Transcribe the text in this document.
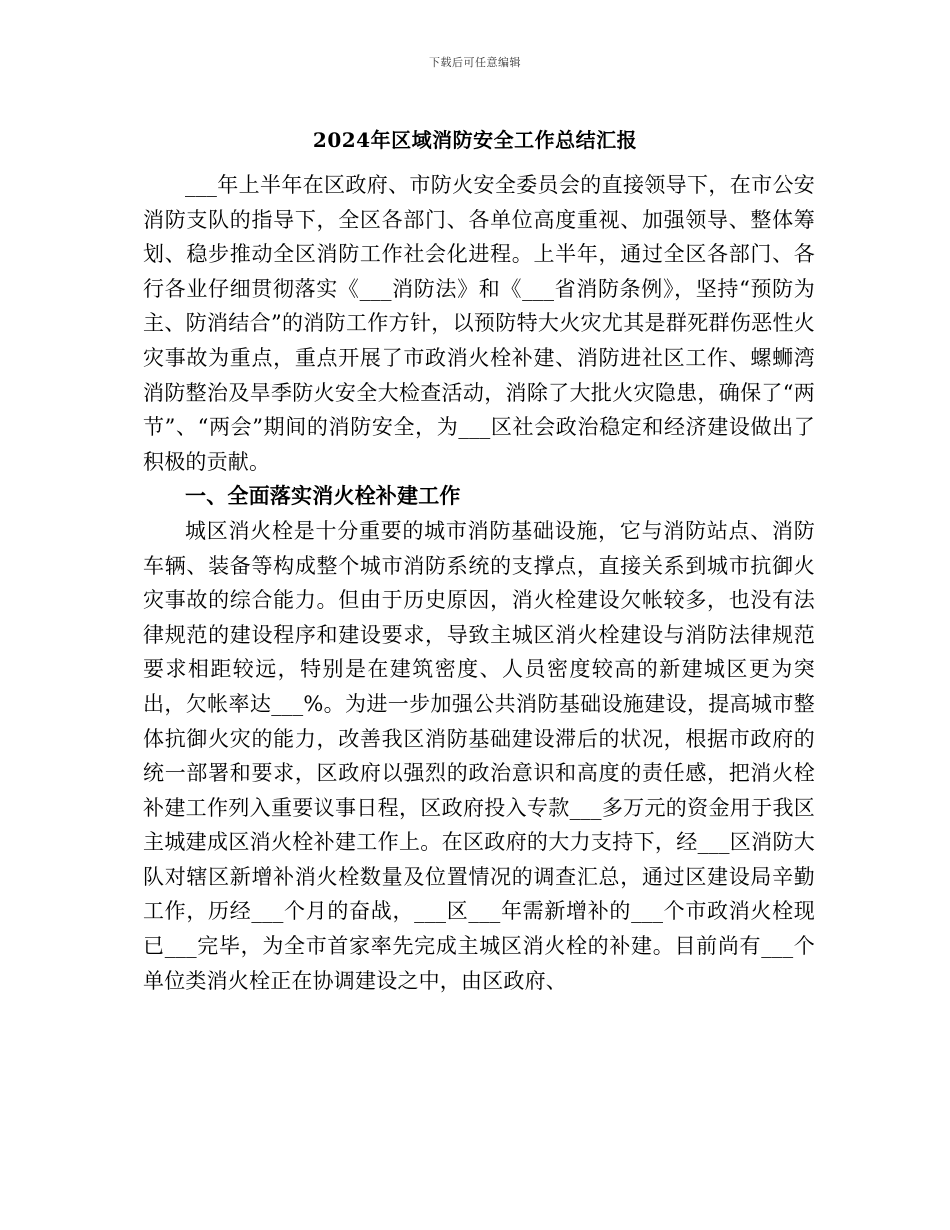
下载后可任意编辑
2024年区域消防安全工作总结汇报

___年上半年在区政府、市防火安全委员会的直接领导下，在市公安消防支队的指导下，全区各部门、各单位高度重视、加强领导、整体筹划、稳步推动全区消防工作社会化进程。上半年，通过全区各部门、各行各业仔细贯彻落实《___消防法》和《___省消防条例》，坚持“预防为主、防消结合”的消防工作方针，以预防特大火灾尤其是群死群伤恶性火灾事故为重点，重点开展了市政消火栓补建、消防进社区工作、螺蛳湾消防整治及旱季防火安全大检查活动，消除了大批火灾隐患，确保了“两节”、“两会”期间的消防安全，为___区社会政治稳定和经济建设做出了积极的贡献。

一、全面落实消火栓补建工作

城区消火栓是十分重要的城市消防基础设施，它与消防站点、消防车辆、装备等构成整个城市消防系统的支撑点，直接关系到城市抗御火灾事故的综合能力。但由于历史原因，消火栓建设欠帐较多，也没有法律规范的建设程序和建设要求，导致主城区消火栓建设与消防法律规范要求相距较远，特别是在建筑密度、人员密度较高的新建城区更为突出，欠帐率达___%。为进一步加强公共消防基础设施建设，提高城市整体抗御火灾的能力，改善我区消防基础建设滞后的状况，根据市政府的统一部署和要求，区政府以强烈的政治意识和高度的责任感，把消火栓补建工作列入重要议事日程，区政府投入专款___多万元的资金用于我区主城建成区消火栓补建工作上。在区政府的大力支持下，经___区消防大队对辖区新增补消火栓数量及位置情况的调查汇总，通过区建设局辛勤工作，历经___个月的奋战，___区___年需新增补的___个市政消火栓现已___完毕，为全市首家率先完成主城区消火栓的补建。目前尚有___个单位类消火栓正在协调建设之中，由区政府、
